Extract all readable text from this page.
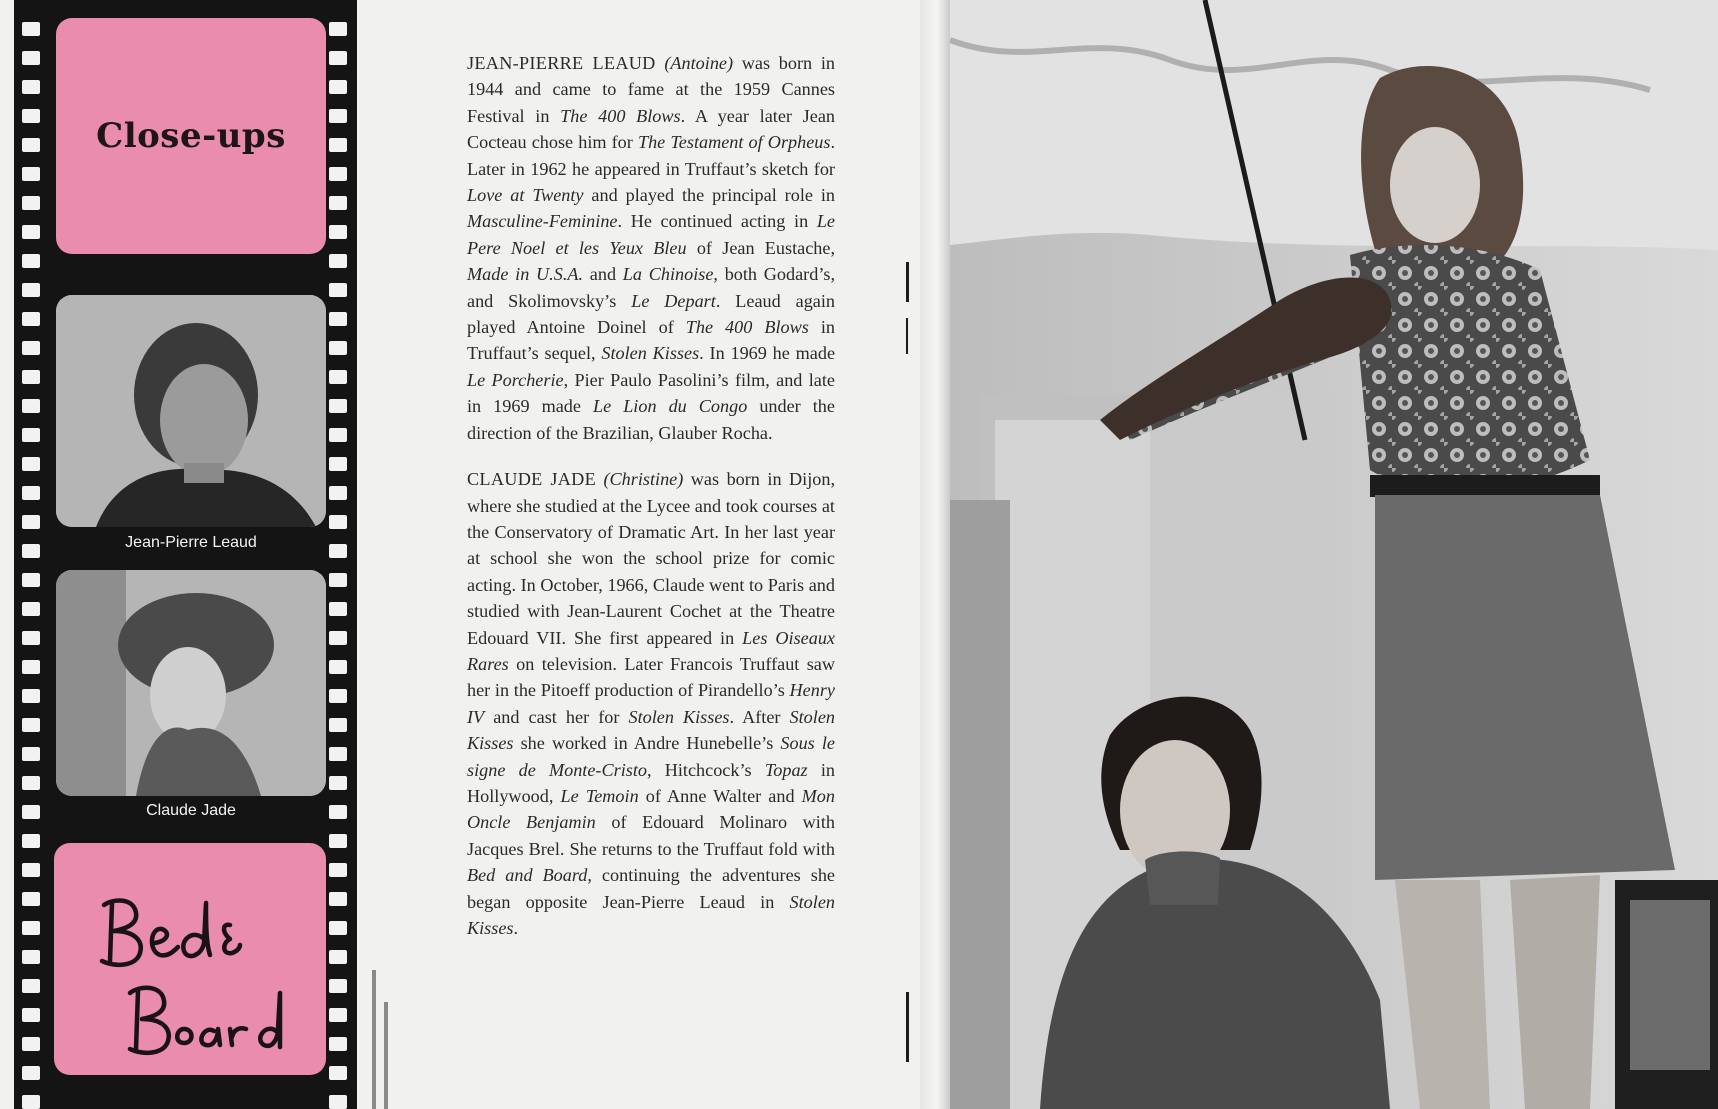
Close-ups
Jean-Pierre Leaud
Claude Jade

JEAN-PIERRE LEAUD (Antoine) was born in 1944 and came to fame at the 1959 Cannes Festival in The 400 Blows. A year later Jean Cocteau chose him for The Testament of Orpheus. Later in 1962 he appeared in Truffaut’s sketch for Love at Twenty and played the principal role in Masculine-Feminine. He continued acting in Le Pere Noel et les Yeux Bleu of Jean Eustache, Made in U.S.A. and La Chinoise, both Godard’s, and Skolimovsky’s Le Depart. Leaud again played Antoine Doinel of The 400 Blows in Truffaut’s sequel, Stolen Kisses. In 1969 he made Le Porcherie, Pier Paulo Pasolini’s film, and late in 1969 made Le Lion du Congo under the direction of the Brazilian, Glauber Rocha.

CLAUDE JADE (Christine) was born in Dijon, where she studied at the Lycee and took courses at the Conservatory of Dramatic Art. In her last year at school she won the school prize for comic acting. In October, 1966, Claude went to Paris and studied with Jean-Laurent Cochet at the Theatre Edouard VII. She first appeared in Les Oiseaux Rares on television. Later Francois Truffaut saw her in the Pitoeff production of Pirandello’s Henry IV and cast her for Stolen Kisses. After Stolen Kisses she worked in Andre Hunebelle’s Sous le signe de Monte-Cristo, Hitchcock’s Topaz in Hollywood, Le Temoin of Anne Walter and Mon Oncle Benjamin of Edouard Molinaro with Jacques Brel. She returns to the Truffaut fold with Bed and Board, continuing the adventures she began opposite Jean-Pierre Leaud in Stolen Kisses.
